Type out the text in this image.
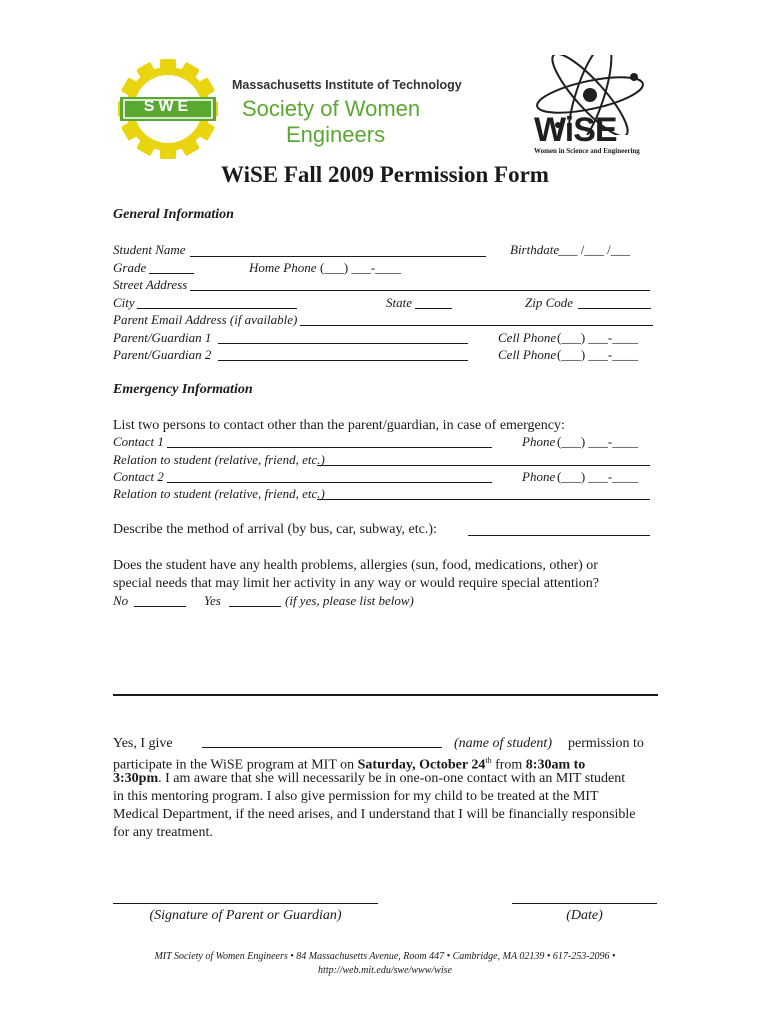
SWE
Massachusetts Institute of Technology
Society of Women
Engineers	WiSE
Women in Science and Engineering
WiSE Fall 2009 Permission Form
General Information
Student Name	Birthdate
___ /___ /___
Grade	Home Phone (___) ___-____
Street Address
City	State	Zip Code
Parent Email Address (if available)
Parent/Guardian 1	Cell Phone (___) ___-____
Parent/Guardian 2	Cell Phone (___) ___-____
Emergency Information
List two persons to contact other than the parent/guardian, in case of emergency:
Contact 1	Phone (___) ___-____
Relation to student (relative, friend, etc.)
Contact 2	Phone (___) ___-____
Relation to student (relative, friend, etc.)
Describe the method of arrival (by bus, car, subway, etc.):
Does the student have any health problems, allergies (sun, food, medications, other) or
special needs that may limit her activity in any way or would require special attention?
No	Yes	(if yes, please list below)
Yes, I give	(name of student) permission to
participate in the WiSE program at MIT on Saturday, October 24th from 8:30am to
3:30pm. I am aware that she will necessarily be in one-on-one contact with an MIT student
in this mentoring program. I also give permission for my child to be treated at the MIT
Medical Department, if the need arises, and I understand that I will be financially responsible
for any treatment.
(Signature of Parent or Guardian)	(Date)
MIT Society of Women Engineers • 84 Massachusetts Avenue, Room 447 • Cambridge, MA 02139 • 617-253-2096 •
http://web.mit.edu/swe/www/wise
